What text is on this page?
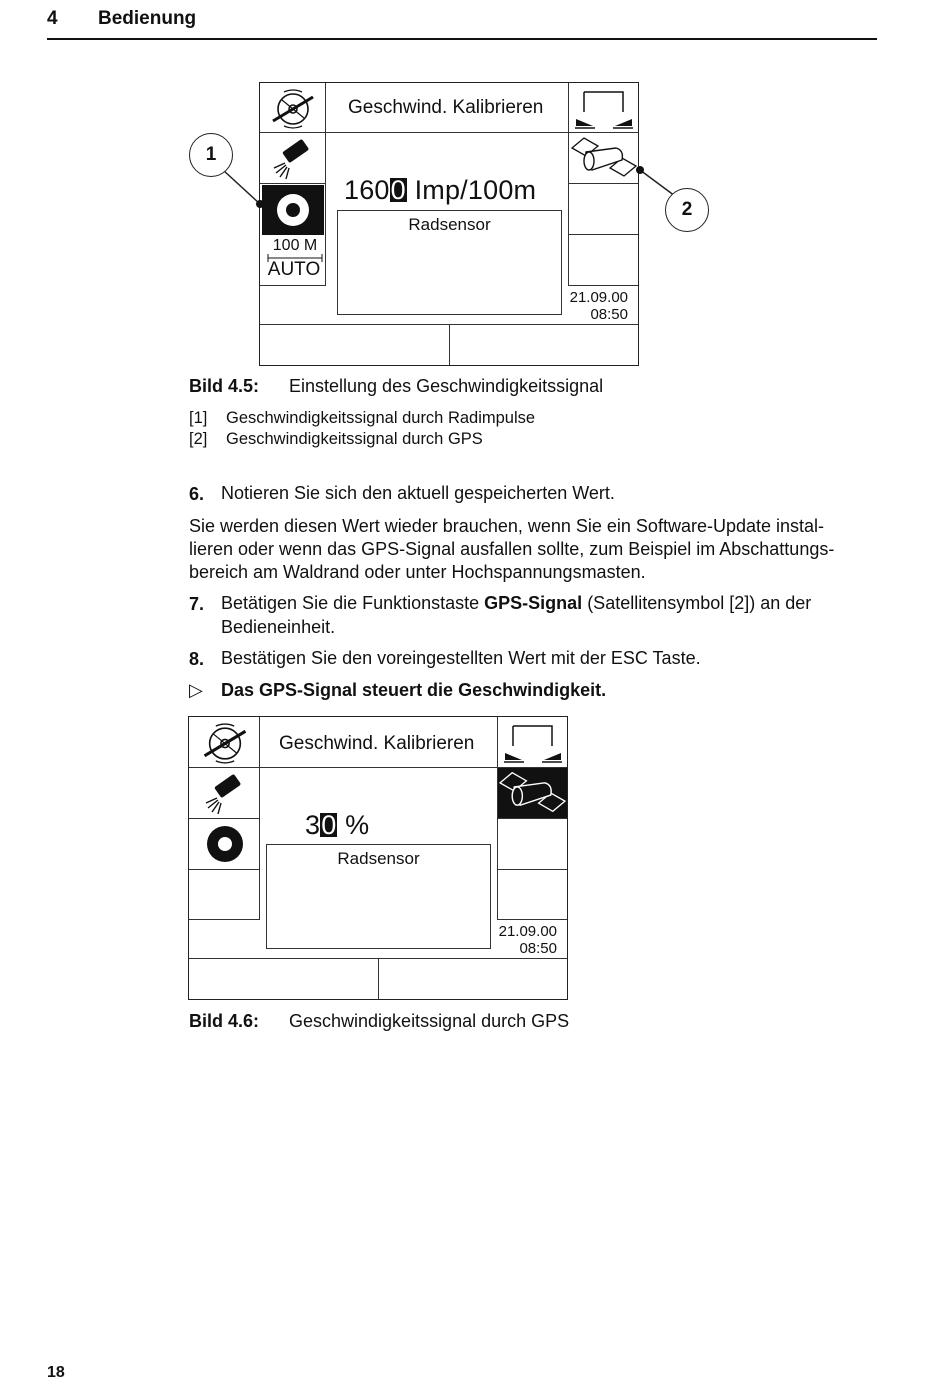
4 Bedienung
100 M
AUTO
Geschwind. Kalibrieren
1600 Imp/100m
Radsensor
21.09.00
08:50
1
2
Bild 4.5: Einstellung des Geschwindigkeitssignal
[1] Geschwindigkeitssignal durch Radimpulse
[2] Geschwindigkeitssignal durch GPS
6. Notieren Sie sich den aktuell gespeicherten Wert.
Sie werden diesen Wert wieder brauchen, wenn Sie ein Software-Update instal-
lieren oder wenn das GPS-Signal ausfallen sollte, zum Beispiel im Abschattungs-
bereich am Waldrand oder unter Hochspannungsmasten.
7. Betätigen Sie die Funktionstaste GPS-Signal (Satellitensymbol [2]) an der
Bedieneinheit.
8. Bestätigen Sie den voreingestellten Wert mit der ESC Taste.
▷ Das GPS-Signal steuert die Geschwindigkeit.
Geschwind. Kalibrieren
30 %
Radsensor
21.09.00
08:50
Bild 4.6: Geschwindigkeitssignal durch GPS
18
